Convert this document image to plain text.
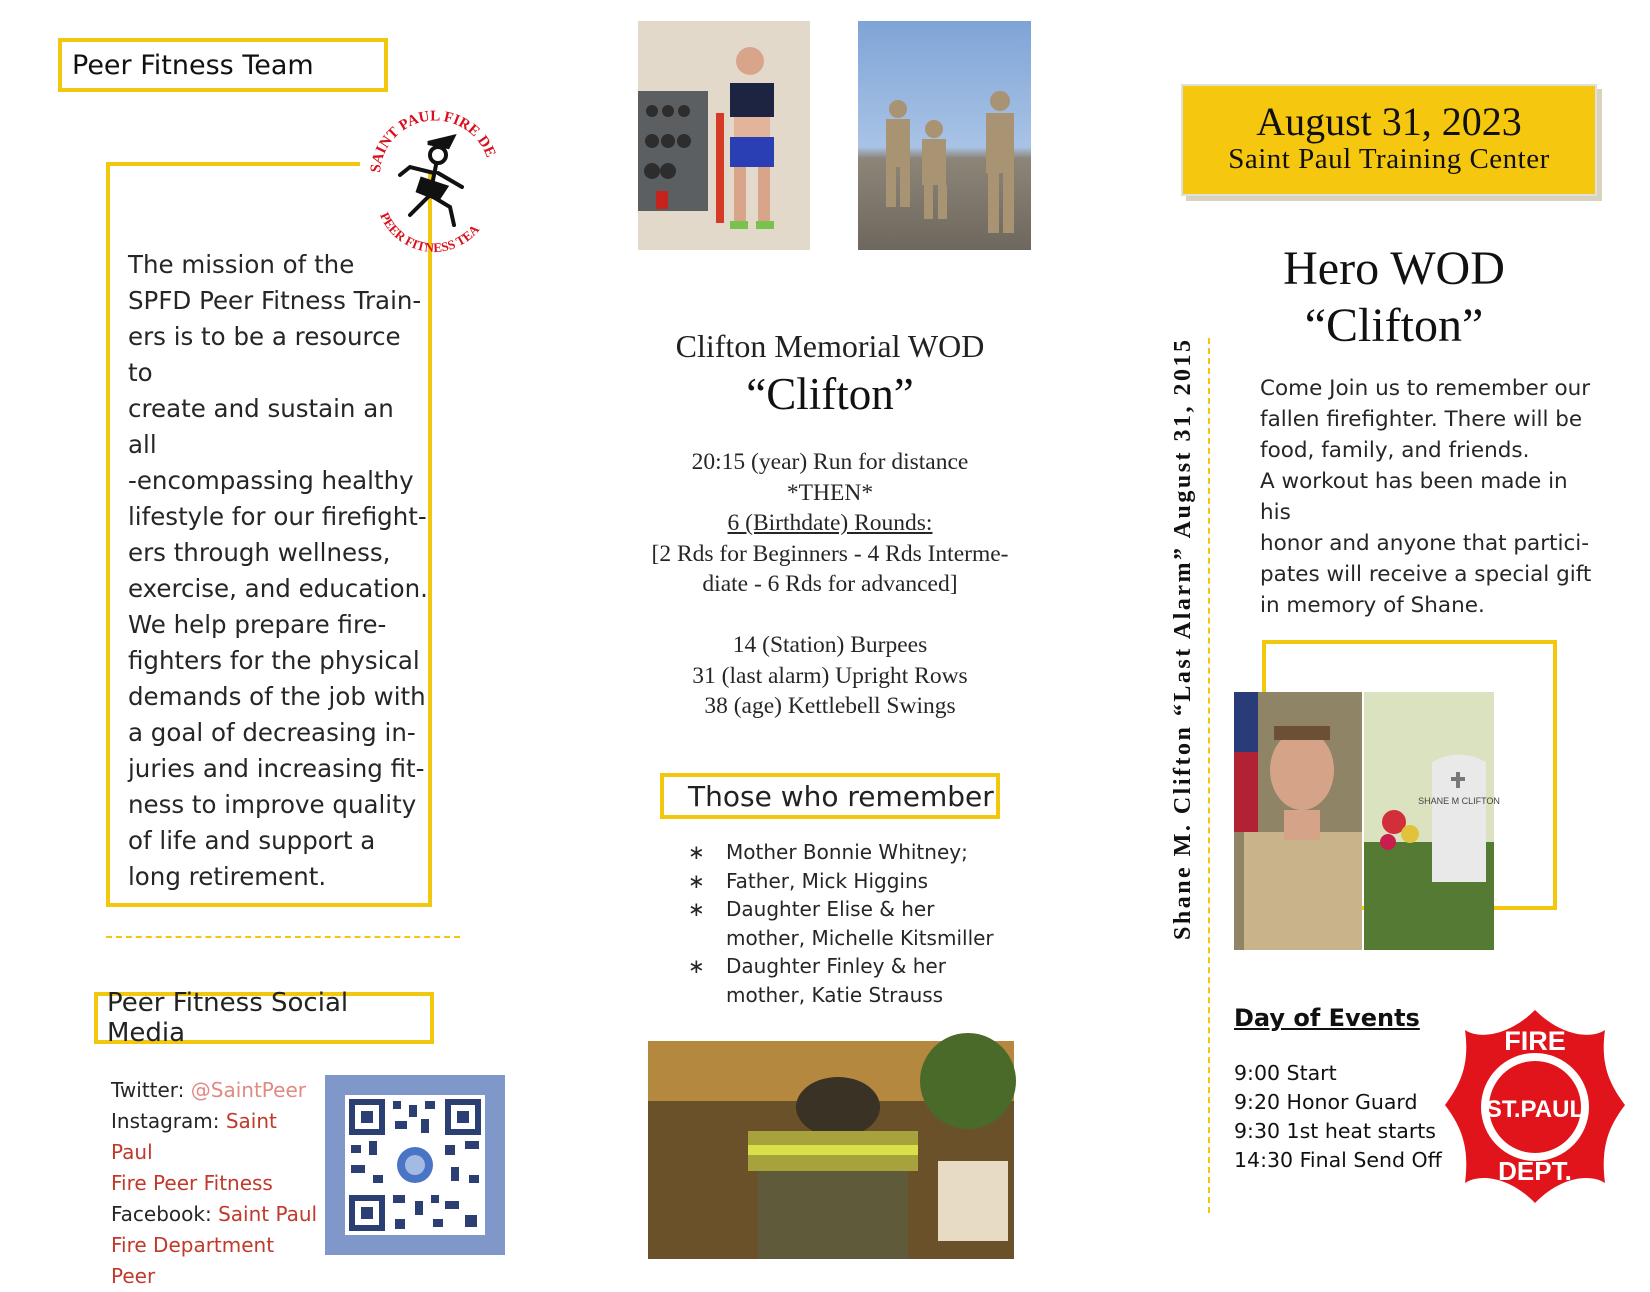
Peer Fitness Team
SAINT PAUL FIRE DE
PEER FITNESS TEA
The mission of the
SPFD Peer Fitness Train-
ers is to be a resource to
create and sustain an all
-encompassing healthy
lifestyle for our firefight-
ers through wellness,
exercise, and education.
We help prepare fire-
fighters for the physical
demands of the job with
a goal of decreasing in-
juries and increasing fit-
ness to improve quality
of life and support a
long retirement.
Peer Fitness Social Media
Twitter: @SaintPeer
Instagram: Saint Paul
Fire Peer Fitness
Facebook: Saint Paul
Fire Department Peer
Clifton Memorial WOD
“Clifton”
20:15 (year) Run for distance
*THEN*
6 (Birthdate) Rounds:
[2 Rds for Beginners - 4 Rds Interme-
diate - 6 Rds for advanced]
14 (Station) Burpees
31 (last alarm) Upright Rows
38 (age) Kettlebell Swings
Those who remember
∗ Mother Bonnie Whitney;
∗ Father, Mick Higgins
∗ Daughter Elise & her mother, Michelle Kitsmiller
∗ Daughter Finley & her mother, Katie Strauss
Shane M. Clifton “Last Alarm” August 31, 2015
August 31, 2023
Saint Paul Training Center
Hero WOD
“Clifton”
Come Join us to remember our
fallen firefighter. There will be
food, family, and friends.
A workout has been made in his
honor and anyone that partici-
pates will receive a special gift
in memory of Shane.
SHANE M CLIFTON
Day of Events
9:00 Start
9:20 Honor Guard
9:30 1st heat starts
14:30 Final Send Off
FIRE
ST.PAUL
DEPT.
